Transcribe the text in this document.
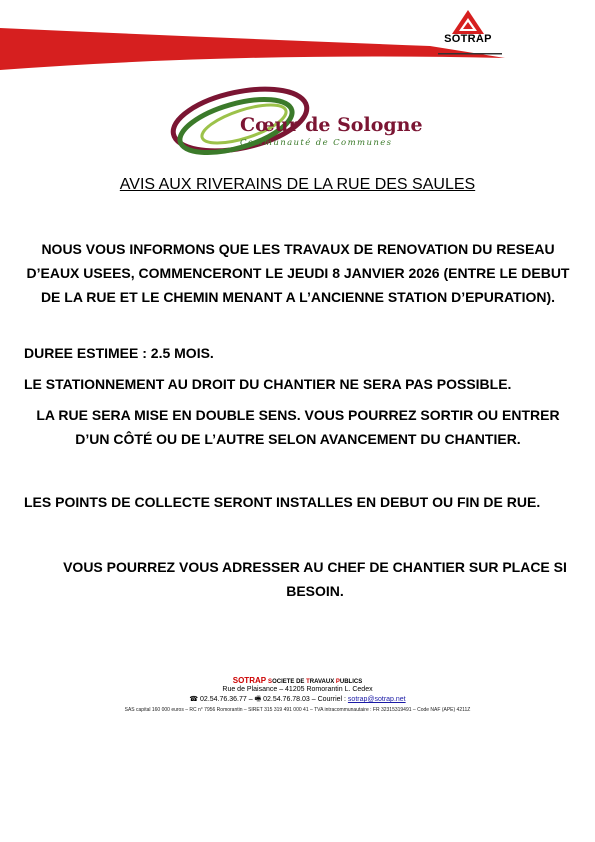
SOTRAP
Cœur de Sologne
Communauté de Communes
AVIS AUX RIVERAINS DE LA RUE DES SAULES
NOUS VOUS INFORMONS QUE LES TRAVAUX DE RENOVATION DU RESEAU D’EAUX USEES, COMMENCERONT LE JEUDI 8 JANVIER 2026 (ENTRE LE DEBUT DE LA RUE ET LE CHEMIN MENANT A L’ANCIENNE STATION D’EPURATION).
DUREE ESTIMEE : 2.5 MOIS.
LE STATIONNEMENT AU DROIT DU CHANTIER NE SERA PAS POSSIBLE.
LA RUE SERA MISE EN DOUBLE SENS. VOUS POURREZ SORTIR OU ENTRER D’UN CÔTÉ OU DE L’AUTRE SELON AVANCEMENT DU CHANTIER.
LES POINTS DE COLLECTE SERONT INSTALLES EN DEBUT OU FIN DE RUE.
VOUS POURREZ VOUS ADRESSER AU CHEF DE CHANTIER SUR PLACE SI BESOIN.
SOTRAP SOCIETE DE TRAVAUX PUBLICS
Rue de Plaisance – 41205 Romorantin L. Cedex
☎ 02.54.76.36.77 – 🖷 02.54.76.78.03 – Courriel : sotrap@sotrap.net
SAS capital 160 000 euros – RC n° 7956 Romorantin – SIRET 315 319 491 000 41 – TVA intracommunautaire : FR 32315319491 – Code NAF (APE) 4211Z
